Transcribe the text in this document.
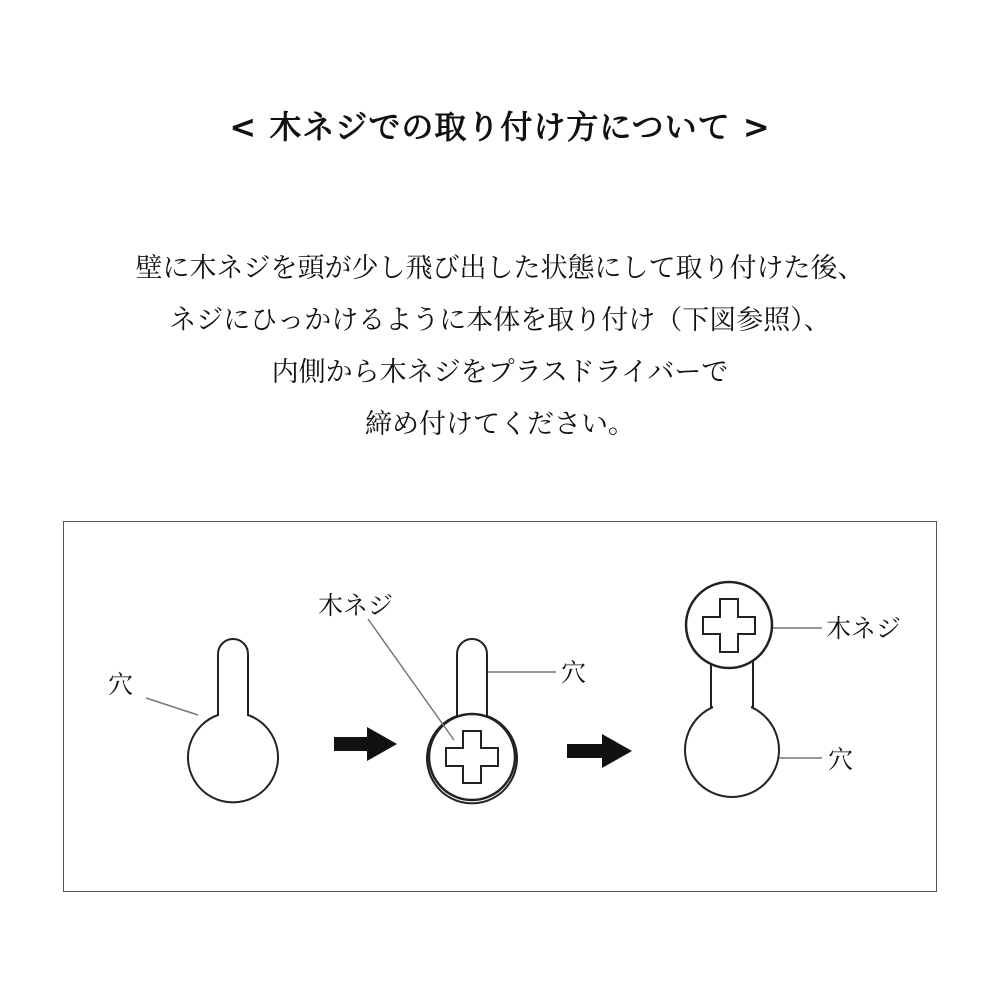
< 木ネジでの取り付け方について >
壁に木ネジを頭が少し飛び出した状態にして取り付けた後、
ネジにひっかけるように本体を取り付け（下図参照）、
内側から木ネジをプラスドライバーで
締め付けてください。
穴
木ネジ
穴
木ネジ
穴
